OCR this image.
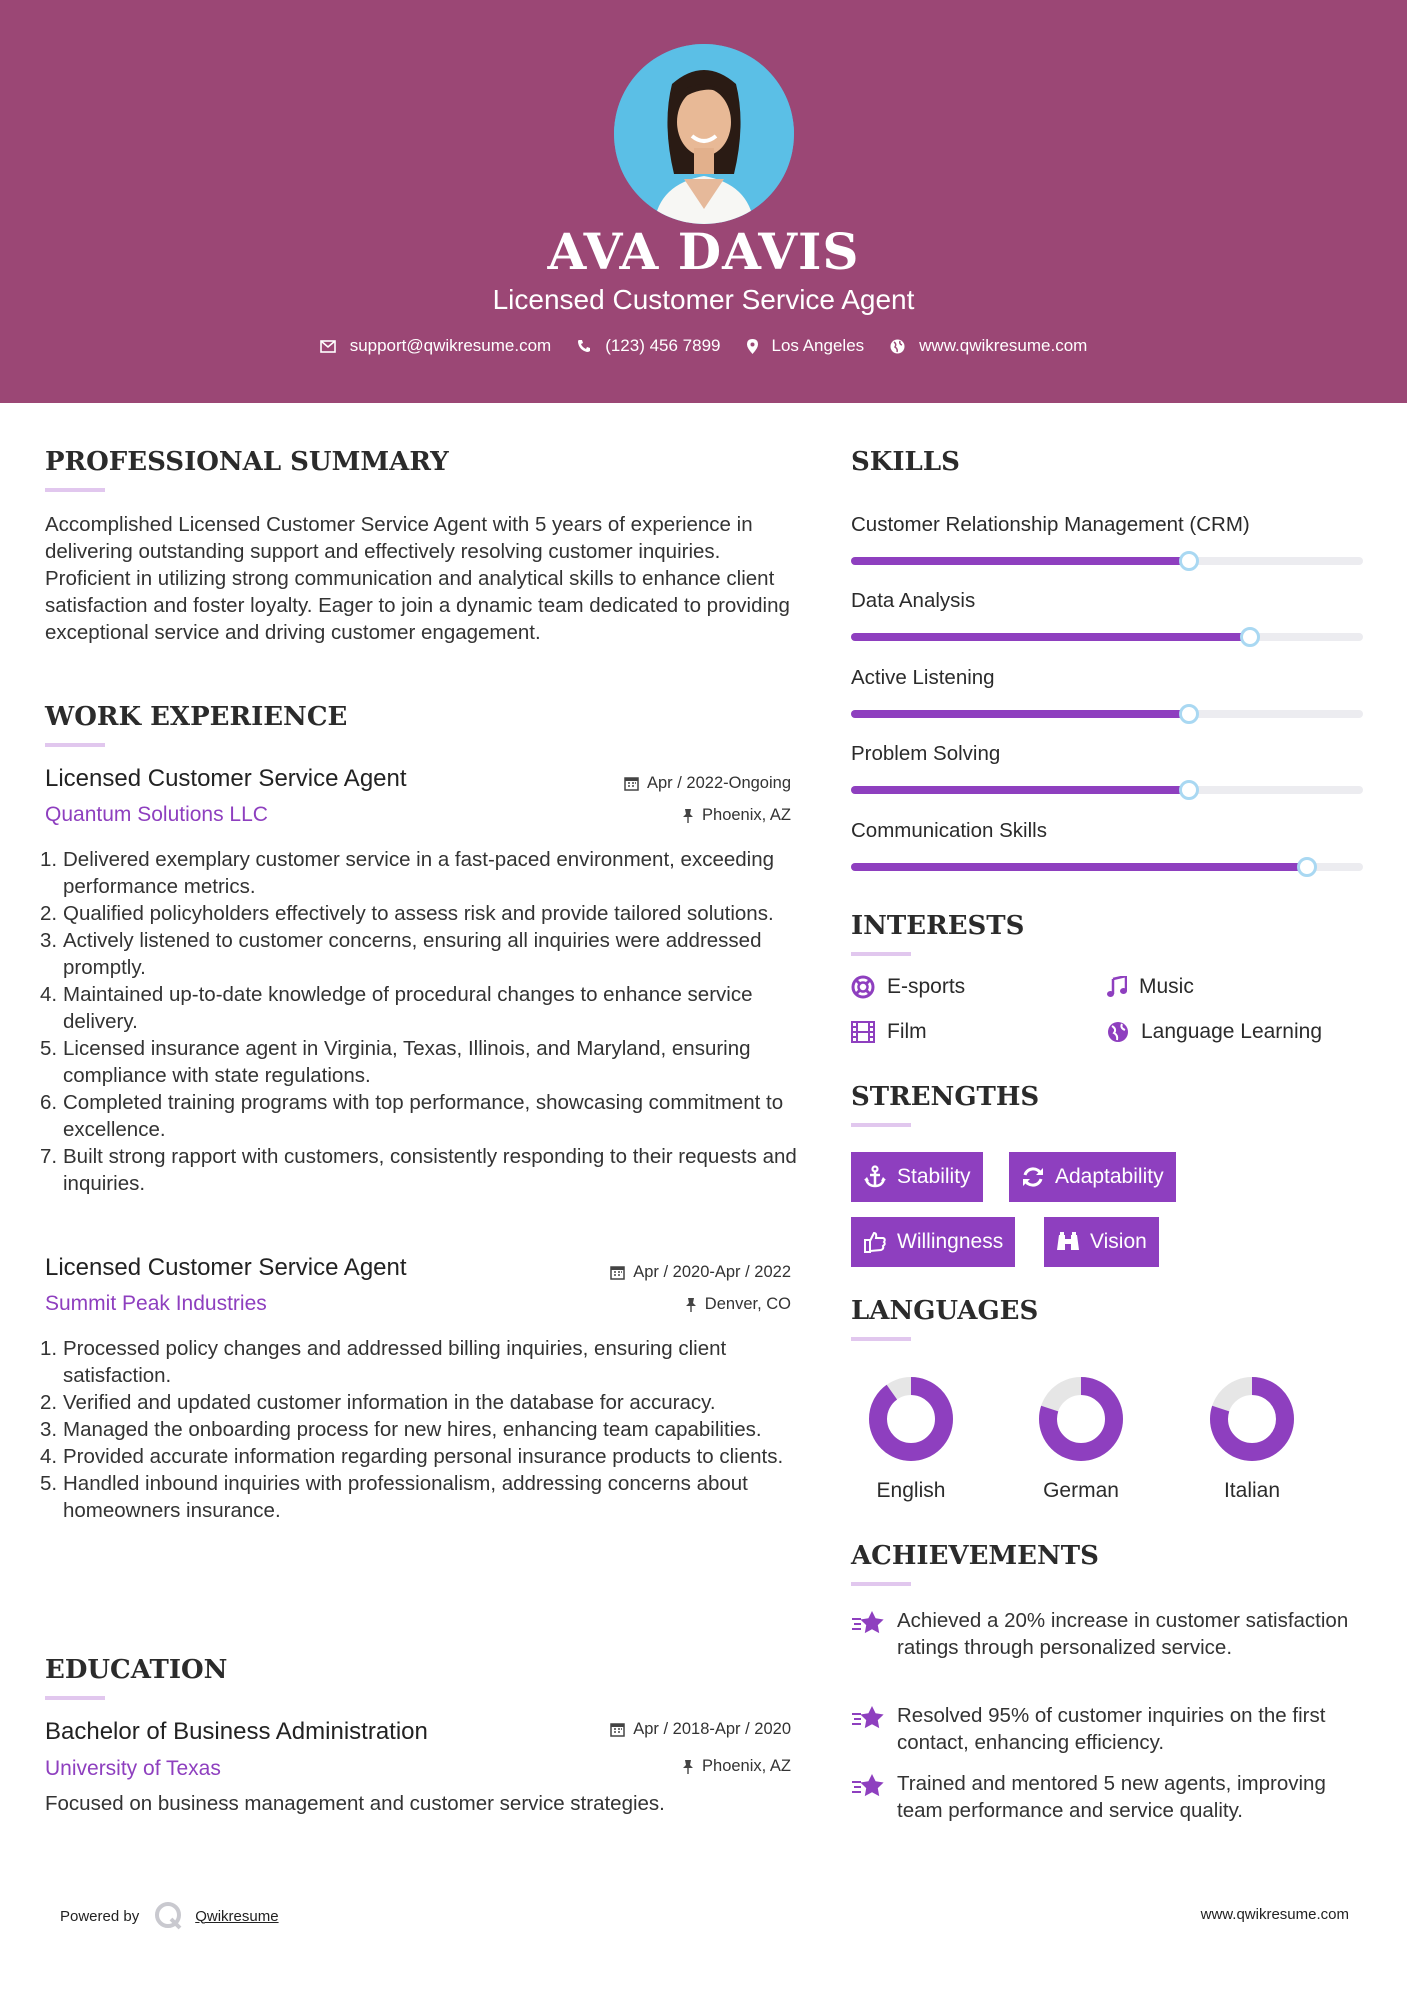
AVA DAVIS
Licensed Customer Service Agent
support@qwikresume.com	(123) 456 7899	Los Angeles	www.qwikresume.com
PROFESSIONAL SUMMARY
Accomplished Licensed Customer Service Agent with 5 years of experience in delivering outstanding support and effectively resolving customer inquiries. Proficient in utilizing strong communication and analytical skills to enhance client satisfaction and foster loyalty. Eager to join a dynamic team dedicated to providing exceptional service and driving customer engagement.
WORK EXPERIENCE
Licensed Customer Service Agent
Quantum Solutions LLC
Apr / 2022-Ongoing
Phoenix, AZ
1. Delivered exemplary customer service in a fast-paced environment, exceeding performance metrics.
2. Qualified policyholders effectively to assess risk and provide tailored solutions.
3. Actively listened to customer concerns, ensuring all inquiries were addressed promptly.
4. Maintained up-to-date knowledge of procedural changes to enhance service delivery.
5. Licensed insurance agent in Virginia, Texas, Illinois, and Maryland, ensuring compliance with state regulations.
6. Completed training programs with top performance, showcasing commitment to excellence.
7. Built strong rapport with customers, consistently responding to their requests and inquiries.
Licensed Customer Service Agent
Summit Peak Industries
Apr / 2020-Apr / 2022
Denver, CO
1. Processed policy changes and addressed billing inquiries, ensuring client satisfaction.
2. Verified and updated customer information in the database for accuracy.
3. Managed the onboarding process for new hires, enhancing team capabilities.
4. Provided accurate information regarding personal insurance products to clients.
5. Handled inbound inquiries with professionalism, addressing concerns about homeowners insurance.
EDUCATION
Bachelor of Business Administration
University of Texas
Apr / 2018-Apr / 2020
Phoenix, AZ
Focused on business management and customer service strategies.
SKILLS
Customer Relationship Management (CRM)
Data Analysis
Active Listening
Problem Solving
Communication Skills
INTERESTS
E-sports	Music
Film	Language Learning
STRENGTHS
Stability	Adaptability
Willingness	Vision
LANGUAGES
English	German	Italian
ACHIEVEMENTS
Achieved a 20% increase in customer satisfaction ratings through personalized service.
Resolved 95% of customer inquiries on the first contact, enhancing efficiency.
Trained and mentored 5 new agents, improving team performance and service quality.
Powered by	Qwikresume	www.qwikresume.com
